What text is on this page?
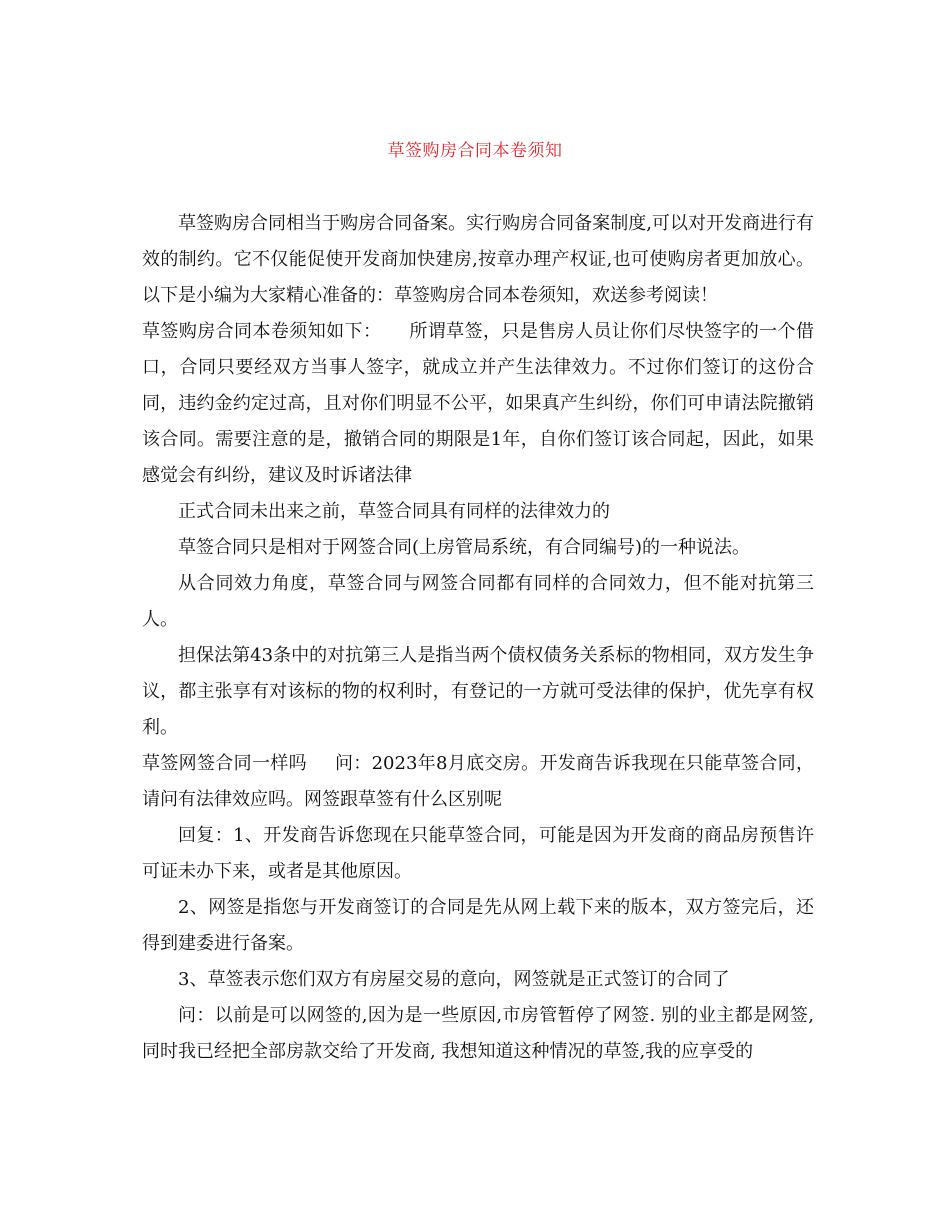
草签购房合同本卷须知

草签购房合同相当于购房合同备案。实行购房合同备案制度,可以对开发商进行有效的制约。它不仅能促使开发商加快建房,按章办理产权证,也可使购房者更加放心。以下是小编为大家精心准备的：草签购房合同本卷须知，欢送参考阅读！

草签购房合同本卷须知如下： 所谓草签，只是售房人员让你们尽快签字的一个借口，合同只要经双方当事人签字，就成立并产生法律效力。不过你们签订的这份合同，违约金约定过高，且对你们明显不公平，如果真产生纠纷，你们可申请法院撤销该合同。需要注意的是，撤销合同的期限是1年，自你们签订该合同起，因此，如果感觉会有纠纷，建议及时诉诸法律

正式合同未出来之前，草签合同具有同样的法律效力的

草签合同只是相对于网签合同(上房管局系统，有合同编号)的一种说法。

从合同效力角度，草签合同与网签合同都有同样的合同效力，但不能对抗第三人。

担保法第43条中的对抗第三人是指当两个债权债务关系标的物相同，双方发生争议，都主张享有对该标的物的权利时，有登记的一方就可受法律的保护，优先享有权利。

草签网签合同一样吗 问：2023年8月底交房。开发商告诉我现在只能草签合同，请问有法律效应吗。网签跟草签有什么区别呢

回复：1、开发商告诉您现在只能草签合同，可能是因为开发商的商品房预售许可证未办下来，或者是其他原因。

2、网签是指您与开发商签订的合同是先从网上载下来的版本，双方签完后，还得到建委进行备案。

3、草签表示您们双方有房屋交易的意向，网签就是正式签订的合同了

问：以前是可以网签的,因为是一些原因,市房管暂停了网签. 别的业主都是网签,同时我已经把全部房款交给了开发商, 我想知道这种情况的草签,我的应享受的
